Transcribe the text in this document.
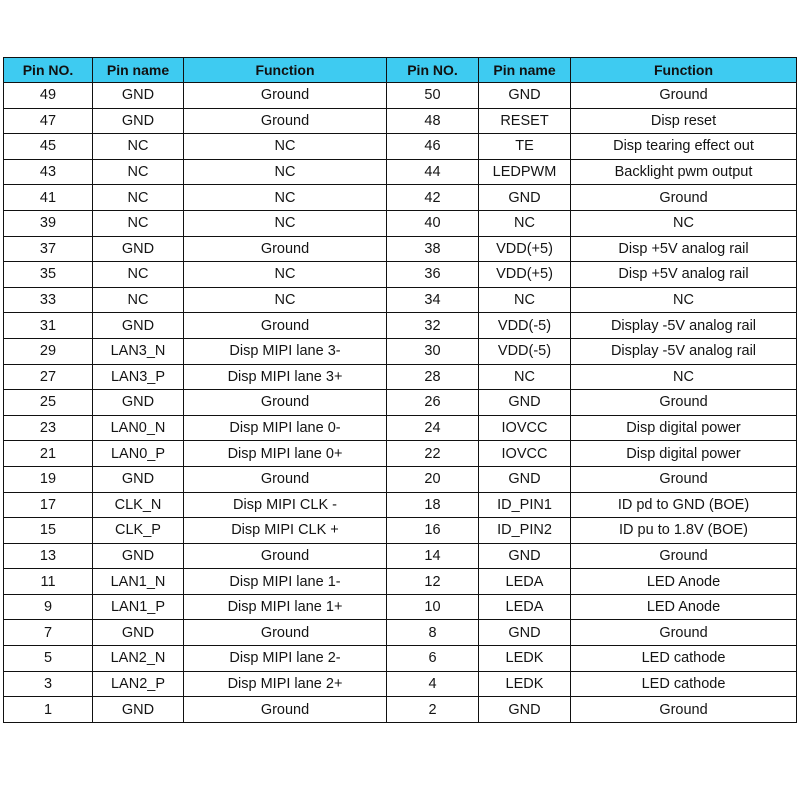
Pin NO.	Pin name	Function	Pin NO.	Pin name	Function
49	GND	Ground	50	GND	Ground
47	GND	Ground	48	RESET	Disp reset
45	NC	NC	46	TE	Disp tearing effect out
43	NC	NC	44	LEDPWM	Backlight pwm output
41	NC	NC	42	GND	Ground
39	NC	NC	40	NC	NC
37	GND	Ground	38	VDD(+5)	Disp +5V analog rail
35	NC	NC	36	VDD(+5)	Disp +5V analog rail
33	NC	NC	34	NC	NC
31	GND	Ground	32	VDD(-5)	Display -5V analog rail
29	LAN3_N	Disp MIPI lane 3-	30	VDD(-5)	Display -5V analog rail
27	LAN3_P	Disp MIPI lane 3+	28	NC	NC
25	GND	Ground	26	GND	Ground
23	LAN0_N	Disp MIPI lane 0-	24	IOVCC	Disp digital power
21	LAN0_P	Disp MIPI lane 0+	22	IOVCC	Disp digital power
19	GND	Ground	20	GND	Ground
17	CLK_N	Disp MIPI CLK -	18	ID_PIN1	ID pd to GND (BOE)
15	CLK_P	Disp MIPI CLK +	16	ID_PIN2	ID pu to 1.8V (BOE)
13	GND	Ground	14	GND	Ground
11	LAN1_N	Disp MIPI lane 1-	12	LEDA	LED Anode
9	LAN1_P	Disp MIPI lane 1+	10	LEDA	LED Anode
7	GND	Ground	8	GND	Ground
5	LAN2_N	Disp MIPI lane 2-	6	LEDK	LED cathode
3	LAN2_P	Disp MIPI lane 2+	4	LEDK	LED cathode
1	GND	Ground	2	GND	Ground
